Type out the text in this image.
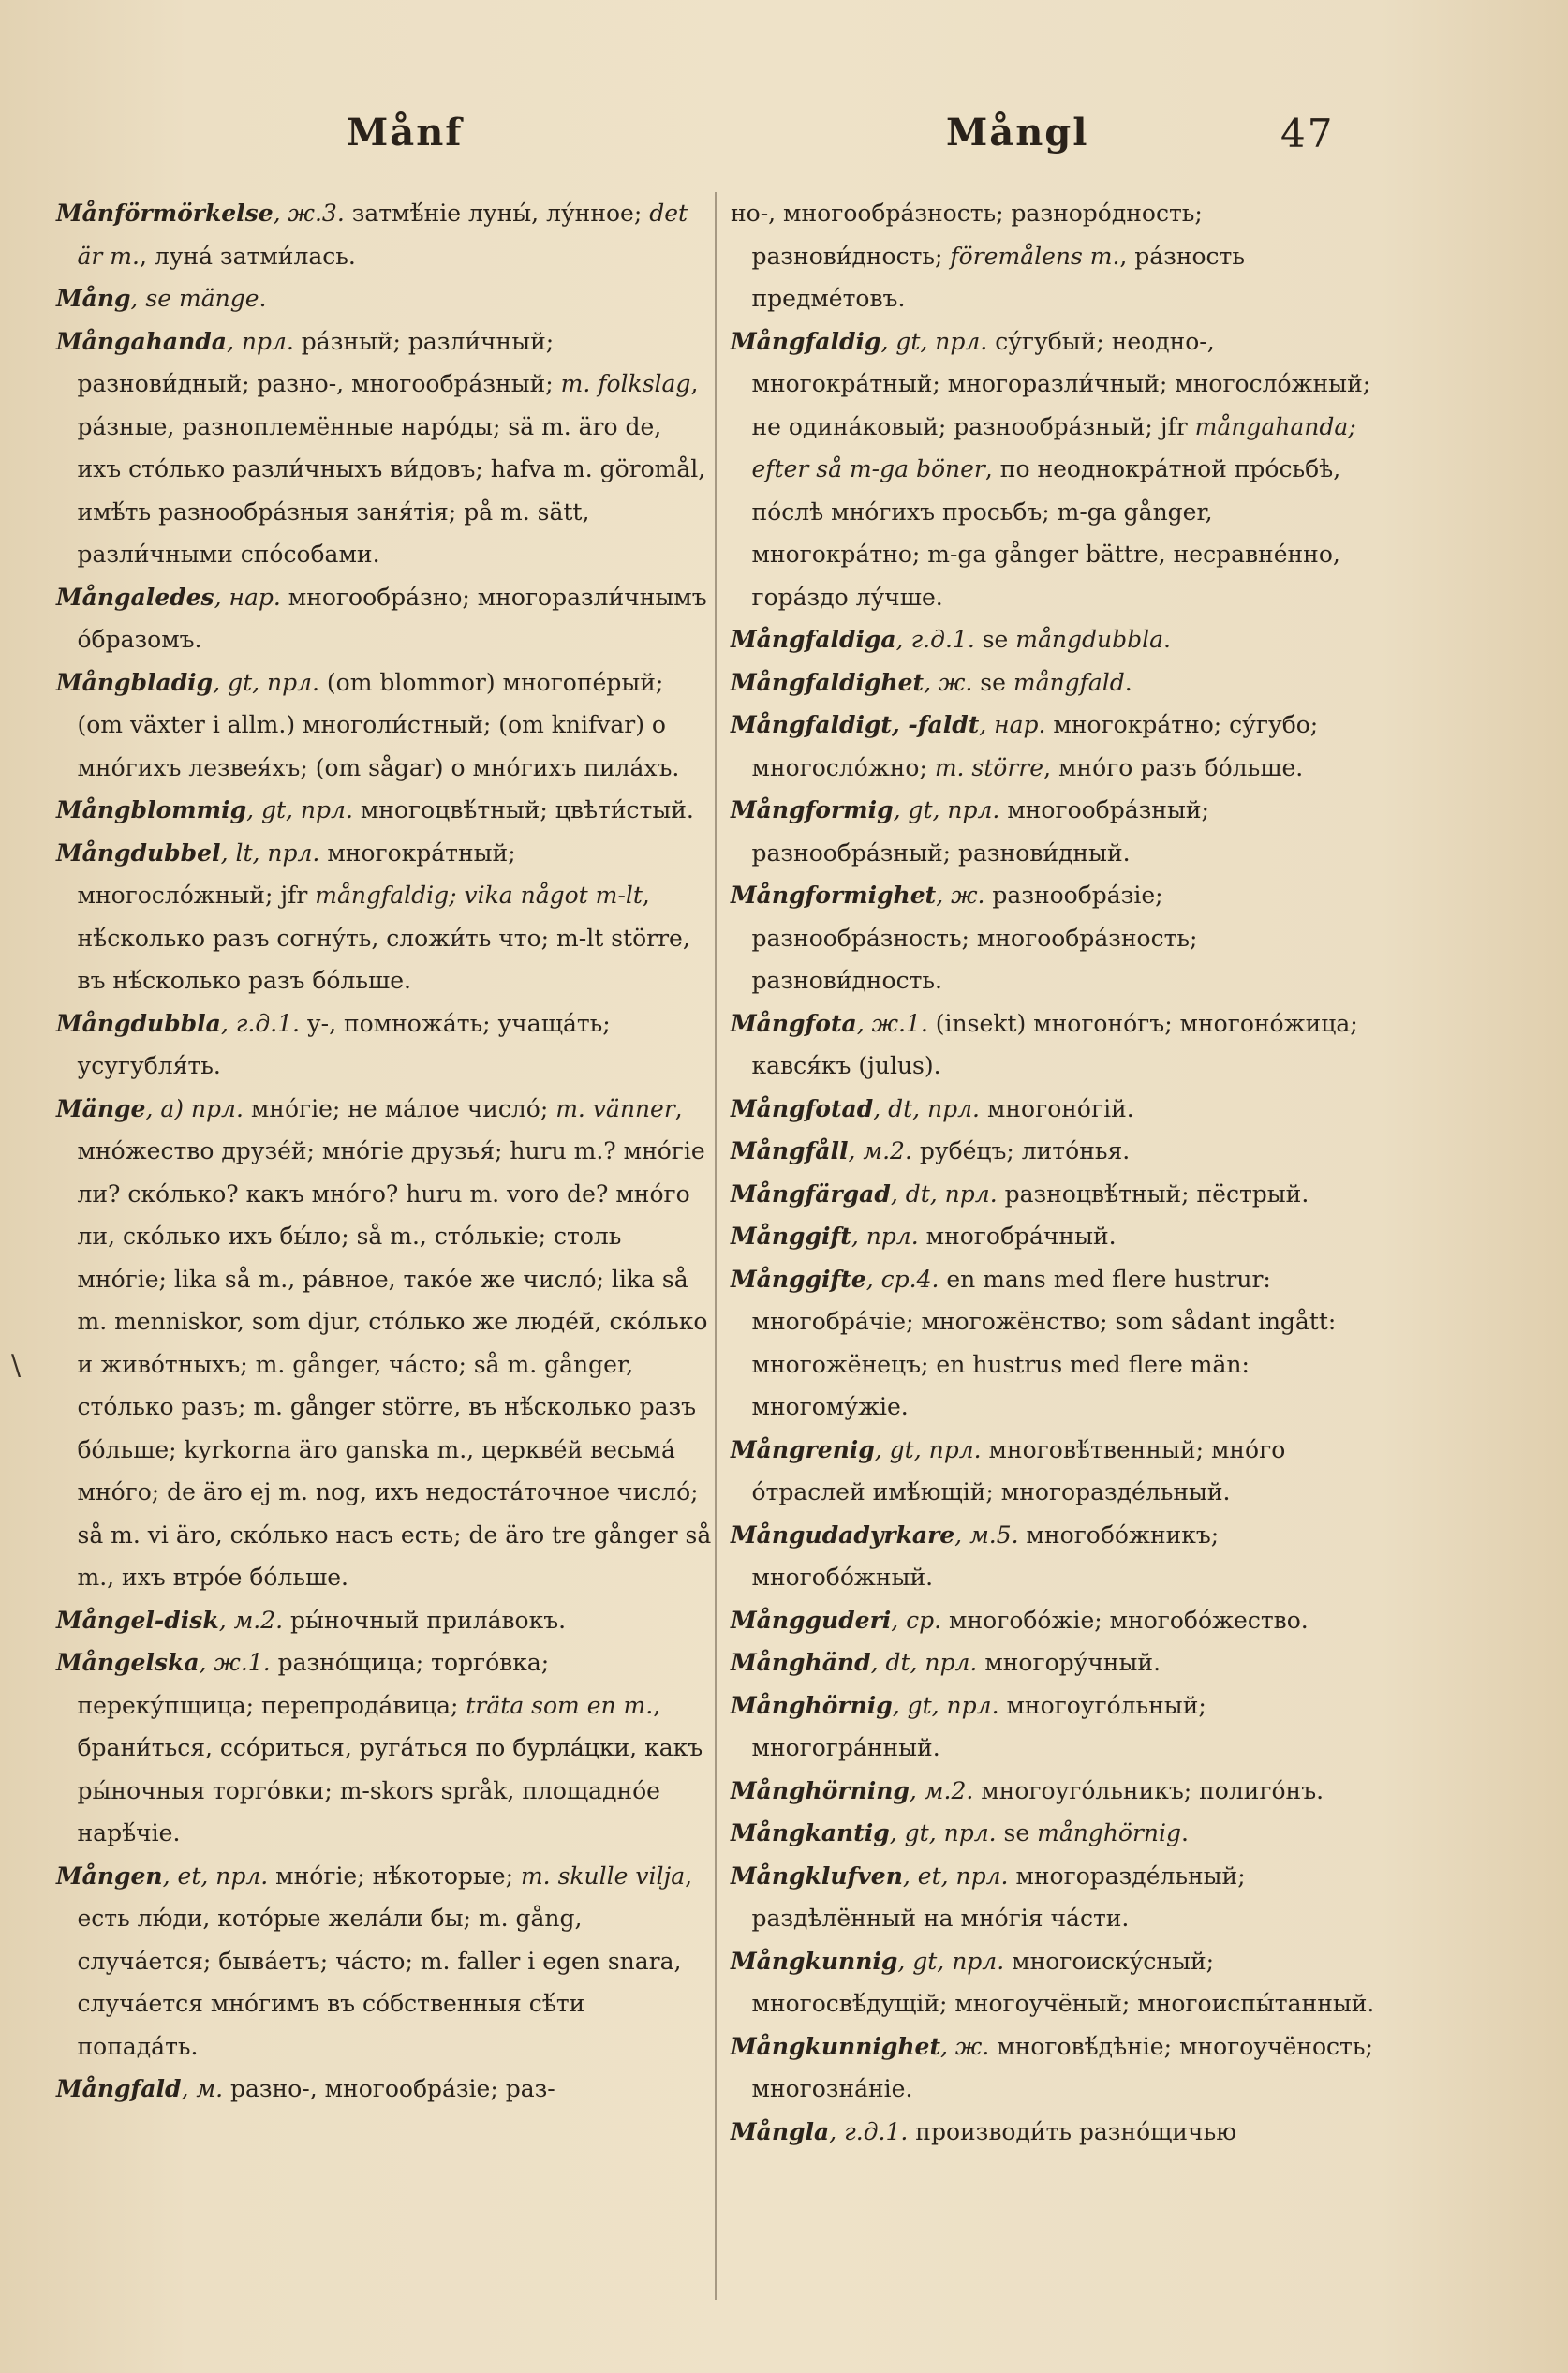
Månf	Mångl	47
\

Månförmörkelse, ж.3. затмѣ́ніе луны́, лу́нное; det är m., луна́ затми́лась.

Mång, se mänge.

Mångahanda, прл. ра́зный; разли́чный; разнови́дный; разно-, многообра́зный; m. folkslag, ра́зные, разноплемённые наро́ды; sä m. äro de, ихъ сто́лько разли́чныхъ ви́довъ; hafva m. göromål, имѣ́ть разнообра́зныя заня́тія; på m. sätt, разли́чными спо́собами.

Mångaledes, нар. многообра́зно; многоразли́чнымъ о́бразомъ.

Mångbladig, gt, прл. (om blommor) многопе́рый; (om växter i allm.) многоли́стный; (om knifvar) о мно́гихъ лезвея́хъ; (om sågar) о мно́гихъ пила́хъ.

Mångblommig, gt, прл. многоцвѣ́тный; цвѣти́стый.

Mångdubbel, lt, прл. многокра́тный; многосло́жный; jfr mångfaldig; vika något m-lt, нѣ́сколько разъ согну́ть, сложи́ть что; m-lt större, въ нѣ́сколько разъ бо́льше.

Mångdubbla, г.д.1. у-, помножа́ть; учаща́ть; усугубля́ть.

Mänge, а) прл. мно́гіе; не ма́лое число́; m. vänner, мно́жество друзе́й; мно́гіе друзья́; huru m.? мно́гіе ли? ско́лько? какъ мно́го? huru m. voro de? мно́го ли, ско́лько ихъ бы́ло; så m., сто́лькіе; столь мно́гіе; lika så m., ра́вное, тако́е же число́; lika så m. menniskor, som djur, сто́лько же люде́й, ско́лько и живо́тныхъ; m. gånger, ча́сто; så m. gånger, сто́лько разъ; m. gånger större, въ нѣ́сколько разъ бо́льше; kyrkorna äro ganska m., церкве́й весьма́ мно́го; de äro ej m. nog, ихъ недоста́точное число́; så m. vi äro, ско́лько насъ есть; de äro tre gånger så m., ихъ втро́е бо́льше.

Mångel-disk, м.2. ры́ночный прила́вокъ.

Mångelska, ж.1. разно́щица; торго́вка; переку́пщица; перепрода́вица; träta som en m., брани́ться, ссо́риться, руга́ться по бурла́цки, какъ ры́ночныя торго́вки; m-skors språk, площадно́е нарѣ́чіе.

Mången, et, прл. мно́гіе; нѣ́которые; m. skulle vilja, есть лю́ди, кото́рые жела́ли бы; m. gång, случа́ется; быва́етъ; ча́сто; m. faller i egen snara, случа́ется мно́гимъ въ со́бственныя сѣ́ти попада́ть.

Mångfald, м. разно-, многообра́зіе; раз-

но-, многообра́зность; разноро́дность; разнови́дность; föremålens m., ра́зность предме́товъ.

Mångfaldig, gt, прл. су́губый; неодно-, многокра́тный; многоразли́чный; многосло́жный; не одина́ковый; разнообра́зный; jfr mångahanda; efter så m-ga böner, по неоднокра́тной про́сьбѣ, по́слѣ мно́гихъ просьбъ; m-ga gånger, многокра́тно; m-ga gånger bättre, несравне́нно, гора́здо лу́чше.

Mångfaldiga, г.д.1. se mångdubbla.

Mångfaldighet, ж. se mångfald.

Mångfaldigt, -faldt, нар. многокра́тно; су́губо; многосло́жно; m. större, мно́го разъ бо́льше.

Mångformig, gt, прл. многообра́зный; разнообра́зный; разнови́дный.

Mångformighet, ж. разнообра́зіе; разнообра́зность; многообра́зность; разнови́дность.

Mångfota, ж.1. (insekt) многоно́гъ; многоно́жица; кався́къ (julus).

Mångfotad, dt, прл. многоно́гій.

Mångfåll, м.2. рубе́цъ; лито́нья.

Mångfärgad, dt, прл. разноцвѣ́тный; пёстрый.

Månggift, прл. многобра́чный.

Månggifte, ср.4. en mans med flere hustrur: многобра́чіе; многожёнство; som sådant ingått: многожёнецъ; en hustrus med flere män: многому́жіе.

Mångrenig, gt, прл. многовѣ́твенный; мно́го о́траслей имѣ́ющій; многоразде́льный.

Mångudadyrkare, м.5. многобо́жникъ; многобо́жный.

Mångguderi, ср. многобо́жіе; многобо́жество.

Månghänd, dt, прл. многору́чный.

Månghörnig, gt, прл. многоуго́льный; многогра́нный.

Månghörning, м.2. многоуго́льникъ; полиго́нъ.

Mångkantig, gt, прл. se månghörnig.

Mångklufven, et, прл. многоразде́льный; раздѣлённый на мно́гія ча́сти.

Mångkunnig, gt, прл. многоиску́сный; многосвѣ́дущій; многоучёный; многоиспы́танный.

Mångkunnighet, ж. многовѣ́дѣніе; многоучёность; многозна́ніе.

Mångla, г.д.1. производи́ть разно́щичью
